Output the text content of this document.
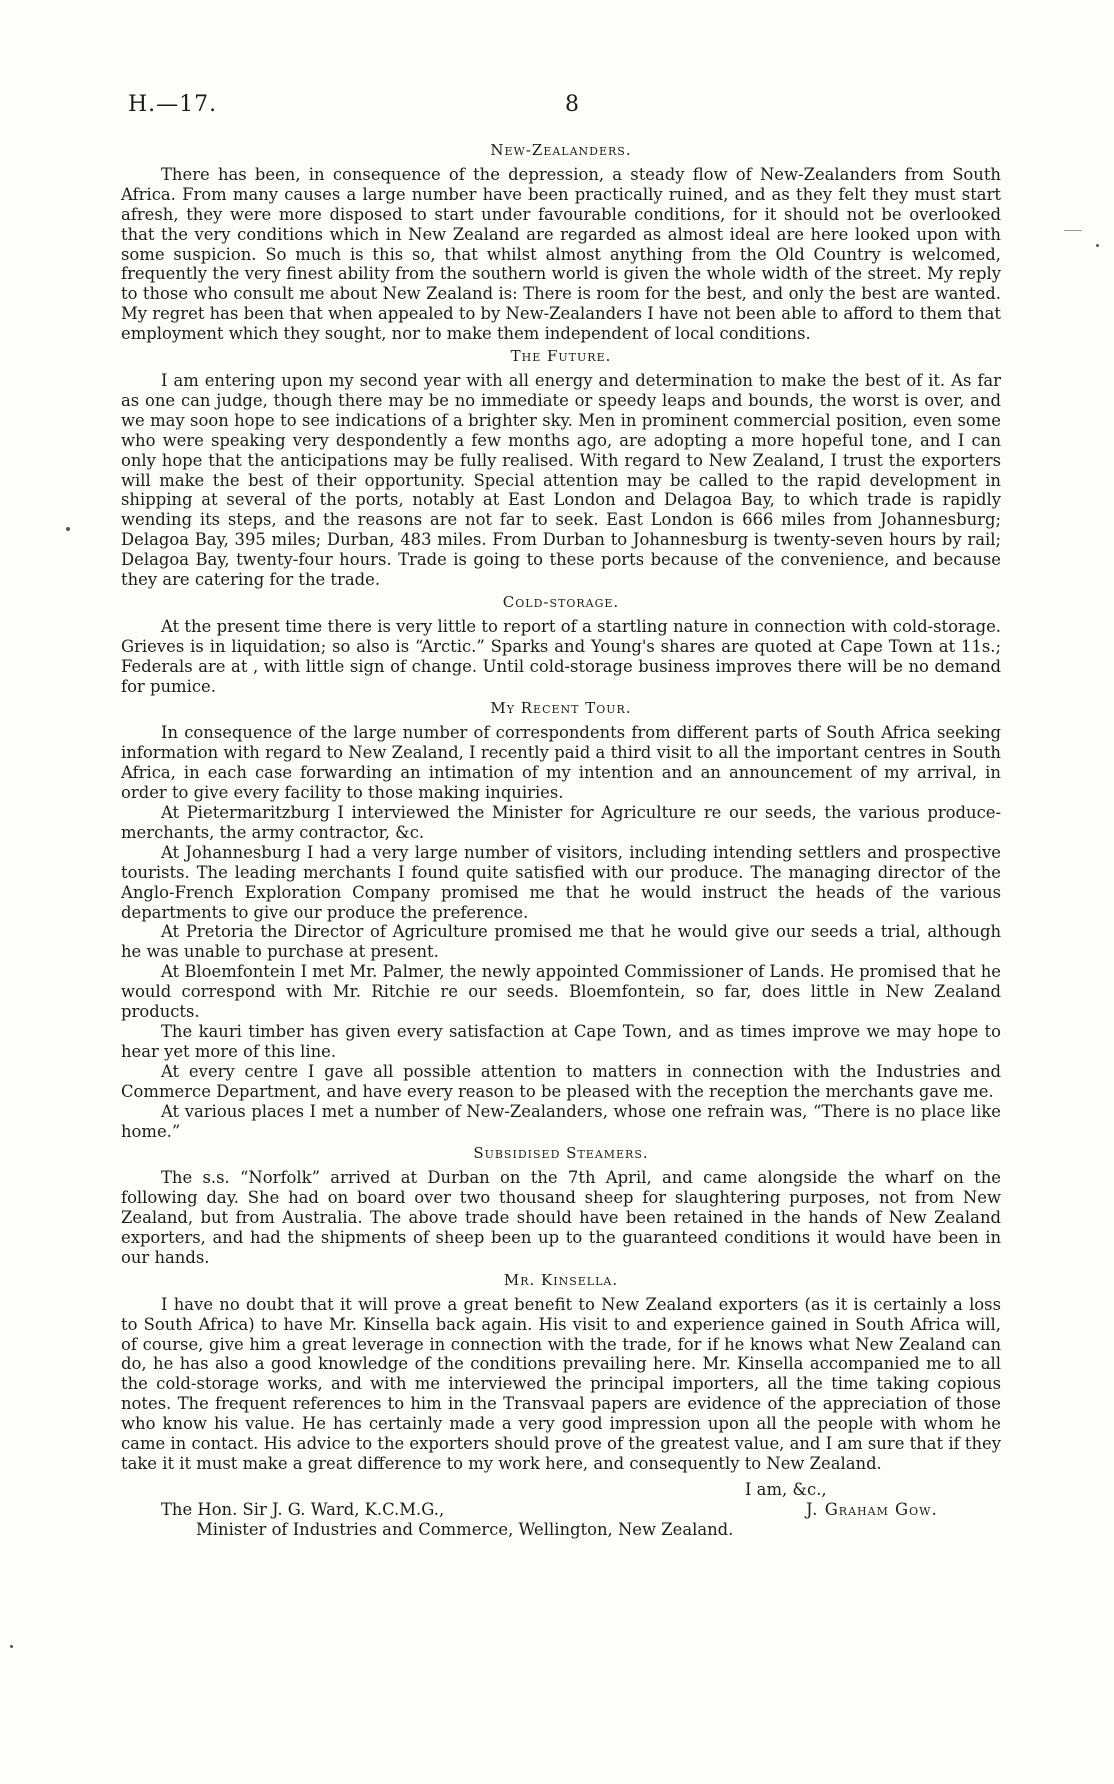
H.—17.	8
New-Zealanders.

There has been, in consequence of the depression, a steady flow of New-Zealanders from South Africa. From many causes a large number have been practically ruined, and as they felt they must start afresh, they were more disposed to start under favourable conditions, for it should not be overlooked that the very conditions which in New Zealand are regarded as almost ideal are here looked upon with some suspicion. So much is this so, that whilst almost anything from the Old Country is welcomed, frequently the very finest ability from the southern world is given the whole width of the street. My reply to those who consult me about New Zealand is: There is room for the best, and only the best are wanted. My regret has been that when appealed to by New-Zealanders I have not been able to afford to them that employment which they sought, nor to make them independent of local conditions.

The Future.

I am entering upon my second year with all energy and determination to make the best of it. As far as one can judge, though there may be no immediate or speedy leaps and bounds, the worst is over, and we may soon hope to see indications of a brighter sky. Men in prominent commercial position, even some who were speaking very despondently a few months ago, are adopting a more hopeful tone, and I can only hope that the anticipations may be fully realised. With regard to New Zealand, I trust the exporters will make the best of their opportunity. Special attention may be called to the rapid development in shipping at several of the ports, notably at East London and Delagoa Bay, to which trade is rapidly wending its steps, and the reasons are not far to seek. East London is 666 miles from Johannesburg; Delagoa Bay, 395 miles; Durban, 483 miles. From Durban to Johannesburg is twenty-seven hours by rail; Delagoa Bay, twenty-four hours. Trade is going to these ports because of the convenience, and because they are catering for the trade.

Cold-storage.

At the present time there is very little to report of a startling nature in connection with cold-storage. Grieves is in liquidation; so also is “Arctic.” Sparks and Young's shares are quoted at Cape Town at 11s.; Federals are at , with little sign of change. Until cold-storage business improves there will be no demand for pumice.

My Recent Tour.

In consequence of the large number of correspondents from different parts of South Africa seeking information with regard to New Zealand, I recently paid a third visit to all the important centres in South Africa, in each case forwarding an intimation of my intention and an announcement of my arrival, in order to give every facility to those making inquiries.

At Pietermaritzburg I interviewed the Minister for Agriculture re our seeds, the various produce-merchants, the army contractor, &c.

At Johannesburg I had a very large number of visitors, including intending settlers and prospective tourists. The leading merchants I found quite satisfied with our produce. The managing director of the Anglo-French Exploration Company promised me that he would instruct the heads of the various departments to give our produce the preference.

At Pretoria the Director of Agriculture promised me that he would give our seeds a trial, although he was unable to purchase at present.

At Bloemfontein I met Mr. Palmer, the newly appointed Commissioner of Lands. He promised that he would correspond with Mr. Ritchie re our seeds. Bloemfontein, so far, does little in New Zealand products.

The kauri timber has given every satisfaction at Cape Town, and as times improve we may hope to hear yet more of this line.

At every centre I gave all possible attention to matters in connection with the Industries and Commerce Department, and have every reason to be pleased with the reception the merchants gave me.

At various places I met a number of New-Zealanders, whose one refrain was, “There is no place like home.”

Subsidised Steamers.

The s.s. “Norfolk” arrived at Durban on the 7th April, and came alongside the wharf on the following day. She had on board over two thousand sheep for slaughtering purposes, not from New Zealand, but from Australia. The above trade should have been retained in the hands of New Zealand exporters, and had the shipments of sheep been up to the guaranteed conditions it would have been in our hands.

Mr. Kinsella.

I have no doubt that it will prove a great benefit to New Zealand exporters (as it is certainly a loss to South Africa) to have Mr. Kinsella back again. His visit to and experience gained in South Africa will, of course, give him a great leverage in connection with the trade, for if he knows what New Zealand can do, he has also a good knowledge of the conditions prevailing here. Mr. Kinsella accompanied me to all the cold-storage works, and with me interviewed the principal importers, all the time taking copious notes. The frequent references to him in the Transvaal papers are evidence of the appreciation of those who know his value. He has certainly made a very good impression upon all the people with whom he came in contact. His advice to the exporters should prove of the greatest value, and I am sure that if they take it it must make a great difference to my work here, and consequently to New Zealand.

I am, &c.,
The Hon. Sir J. G. Ward, K.C.M.G.,	J. Graham Gow.
Minister of Industries and Commerce, Wellington, New Zealand.
